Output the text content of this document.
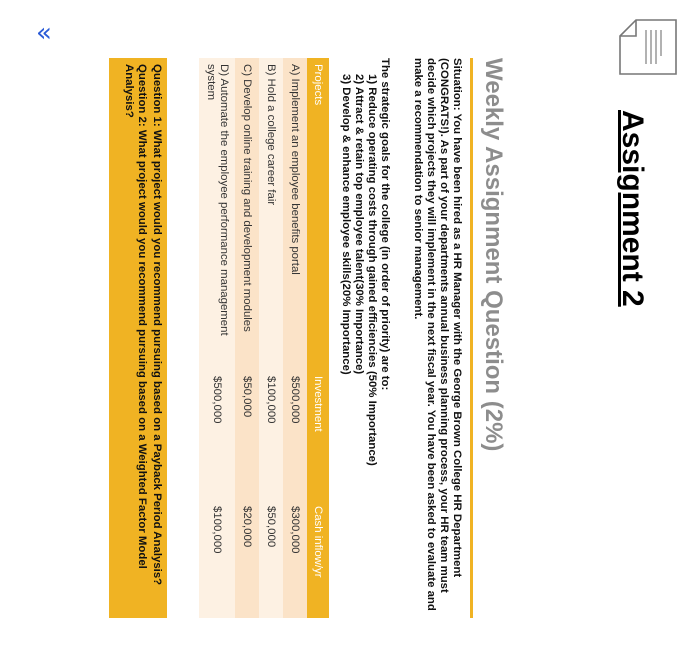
«
Assignment 2
Weekly Assignment Question (2%)
Situation: You have been hired as a HR Manager with the George Brown College HR Department (CONGRATS!). As part of your departments annual business planning process, your HR team must decide which projects they will implement in the next fiscal year. You have been asked to evaluate and make a recommendation to senior management.
The strategic goals for the college (in order of priority) are to:
1) Reduce operating costs through gained efficiencies (50% Importance)
2) Attract & retain top employee talent(30% Importance)
3) Develop & enhance employee skills(20% Importance)
Projects	Investment	Cash inflow/yr
A) Implement an employee benefits portal	$500,000	$300,000
B) Hold a college career fair	$100,000	$50,000
C) Develop online training and development modules	$50,000	$20,000
D) Automate the employee performance management system	$500,000	$100,000
Question 1: What project would you recommend pursuing based on a Payback Period Analysis?
Question 2: What project would you recommend pursuing based on a Weighted Factor Model Analysis?
